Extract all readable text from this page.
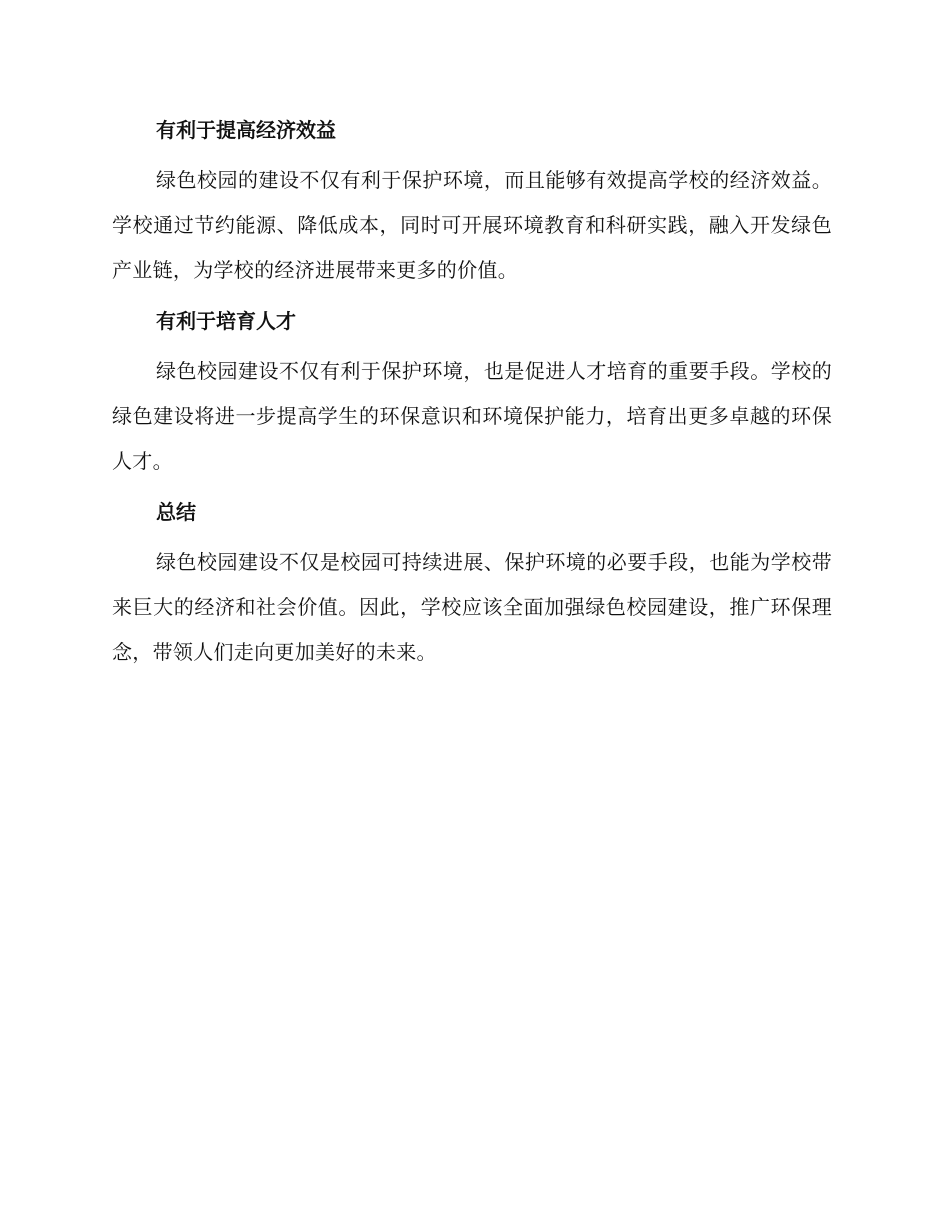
有利于提高经济效益

绿色校园的建设不仅有利于保护环境，而且能够有效提高学校的经济效益。学校通过节约能源、降低成本，同时可开展环境教育和科研实践，融入开发绿色产业链，为学校的经济进展带来更多的价值。

有利于培育人才

绿色校园建设不仅有利于保护环境，也是促进人才培育的重要手段。学校的绿色建设将进一步提高学生的环保意识和环境保护能力，培育出更多卓越的环保人才。

总结

绿色校园建设不仅是校园可持续进展、保护环境的必要手段，也能为学校带来巨大的经济和社会价值。因此，学校应该全面加强绿色校园建设，推广环保理念，带领人们走向更加美好的未来。
